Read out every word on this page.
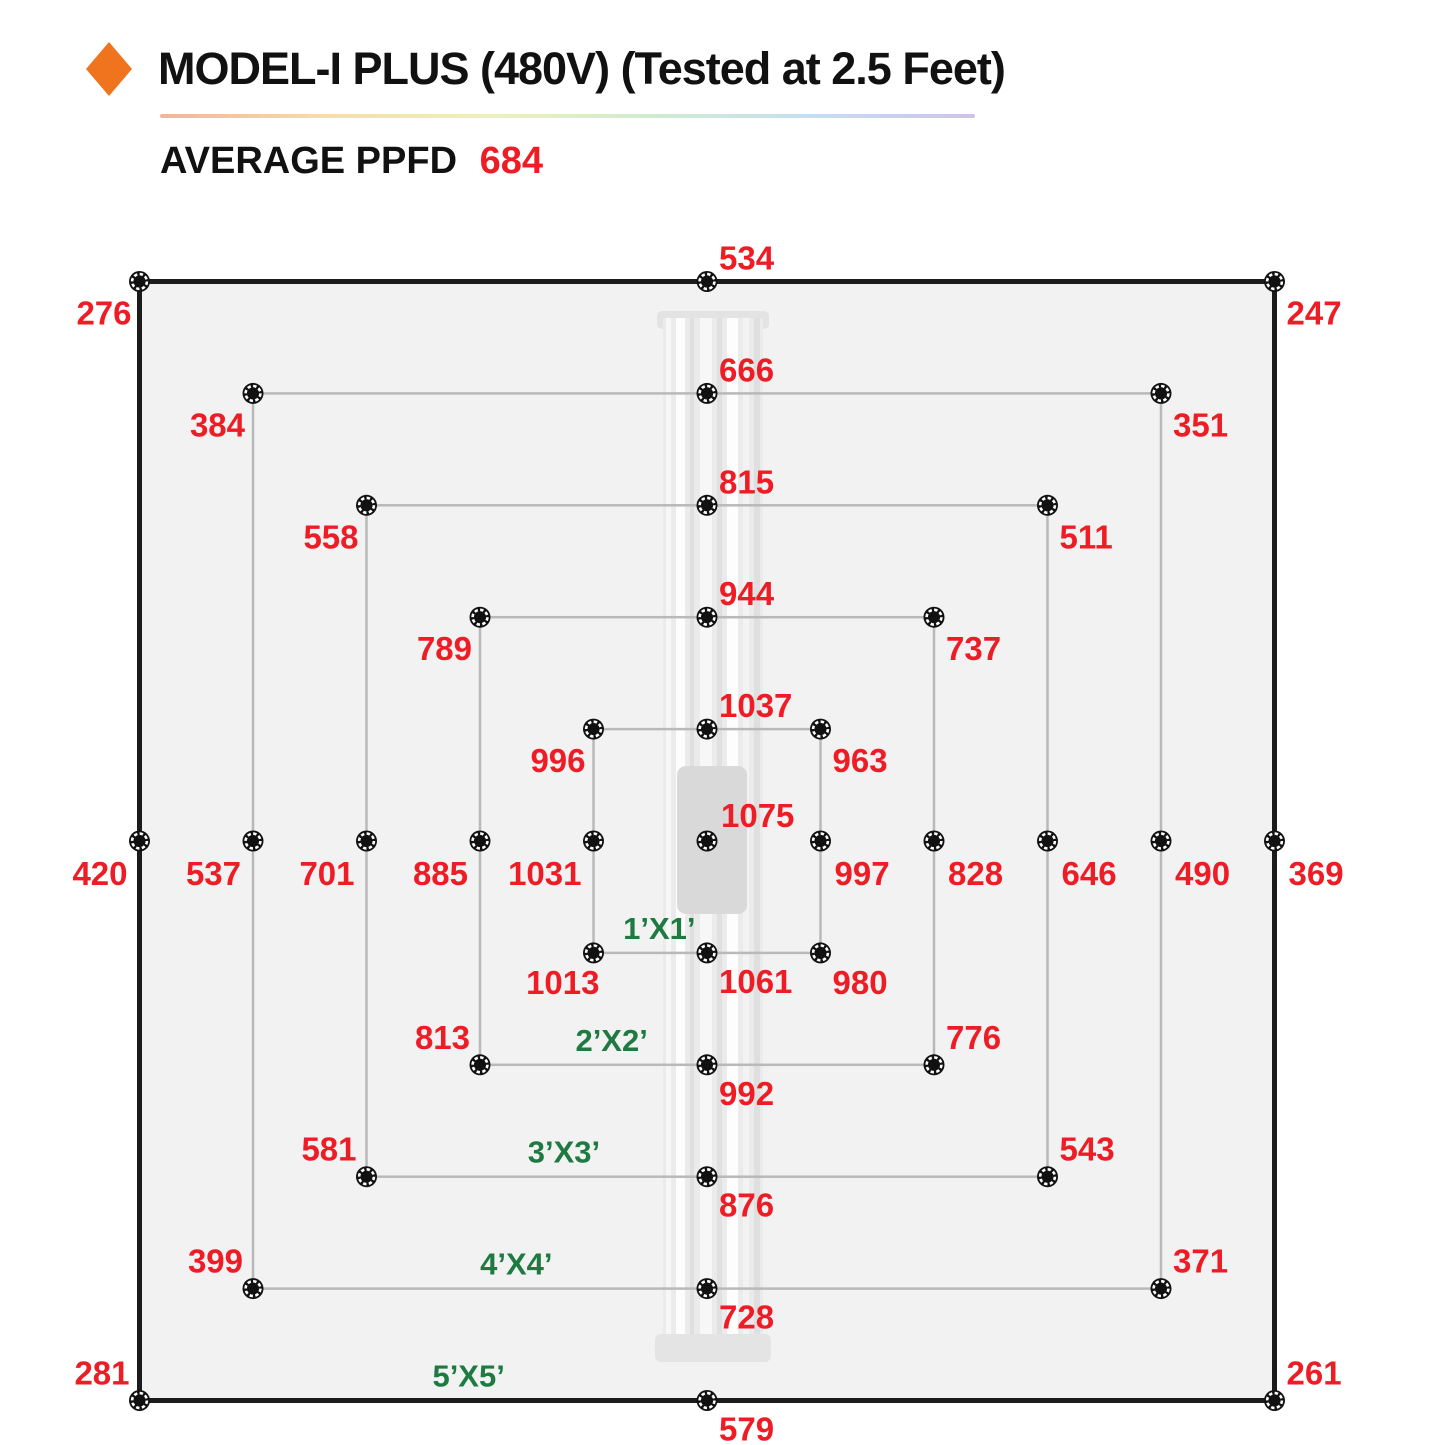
MODEL-I PLUS (480V) (Tested at 2.5 Feet)
AVERAGE PPFD 684
534
579
420	369
276	247
281	261
5’X5’
666
728
537	490
384	351
399	371
4’X4’
815
876
701	646
558	511
581	543
3’X3’
944
992
885	828
789	737
813	776
2’X2’
1037
1061
1031	997
996	963
1013	980
1’X1’
1075
